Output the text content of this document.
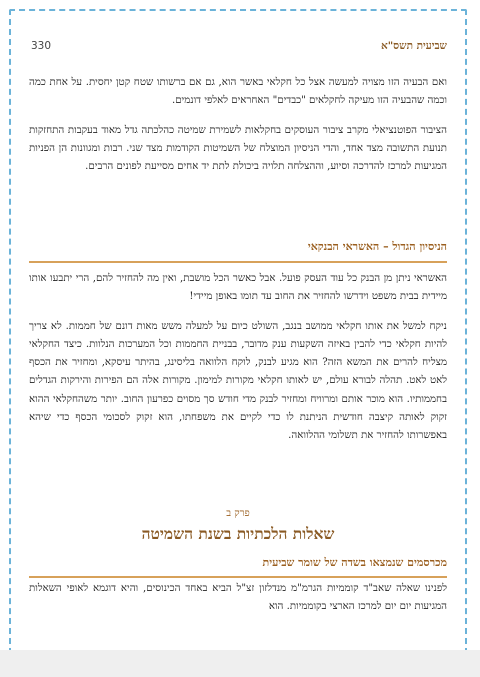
שביעית תשס"א
330

ואם הבעיה הזו מצויה למעשה אצל כל חקלאי באשר הוא, גם אם ברשותו שטח קטן יחסית. על אחת כמה וכמה שהבעיה הזו מעיקה לחקלאים "כבדים" האחראים לאלפי דונמים.

הציבור הפוטנציאלי מקרב ציבור העוסקים בחקלאות לשמירת שמיטה כהלכתה גדל מאוד בעקבות התחזקות תנועת התשובה מצד אחד, והדי הניסיון המוצלח של השמיטות הקודמות מצד שני. רבות ומגוונות הן הפניות המגיעות למרכז להדרכה וסיוע, וההצלחה תלויה ביכולת לתת יד אחים מסייעת לפונים הרבים.

הניסיון הגדול – האשראי הבנקאי

האשראי ניתן מן הבנק כל עוד העסק פועל. אבל כאשר הכל מושבת, ואין מה להחזיר להם, הרי יתבעו אותו מיידית בבית משפט וידרשו להחזיר את החוב עד תומו באופן מיידי!

ניקח למשל את אותו חקלאי ממושב בנגב, השולט כיום על למעלה משש מאות דונם של חממות. לא צריך להיות חקלאי כדי להבין באיזה השקעות ענק מדובר, בבניית החממות וכל המערכות הנלוות. כיצד החקלאי מצליח להרים את המשא הזה? הוא מגיע לבנק, לוקח הלוואה בליסינג, בהיתר עיסקא, ומחזיר את הכסף לאט לאט. תהלה לבורא עולם, יש לאותו חקלאי מקורות למימון. מקורות אלה הם הפירות והירקות הגדלים בחממותיו. הוא מוכר אותם ומרוויח ומחזיר לבנק מדי חודש סך מסוים כפרעון החוב. יותר משהחקלאי ההוא זקוק לאותה קיצבה חודשית הניתנת לו כדי לקיים את משפחתו, הוא זקוק לסכומי הכסף כדי שיהא באפשרותו להחזיר את תשלומי ההלוואה.

פרק ב
שאלות הלכתיות בשנת השמיטה
מכרסמים שנמצאו בשדה של שומר שביעית

לפנינו שאלה שאב"ד קוממיות הגרמ"מ מנדלזון זצ"ל הביא באחד הכינוסים, והיא דוגמא לאופי השאלות המגיעות יום יום למרכז הארצי בקוממיות. הוא
